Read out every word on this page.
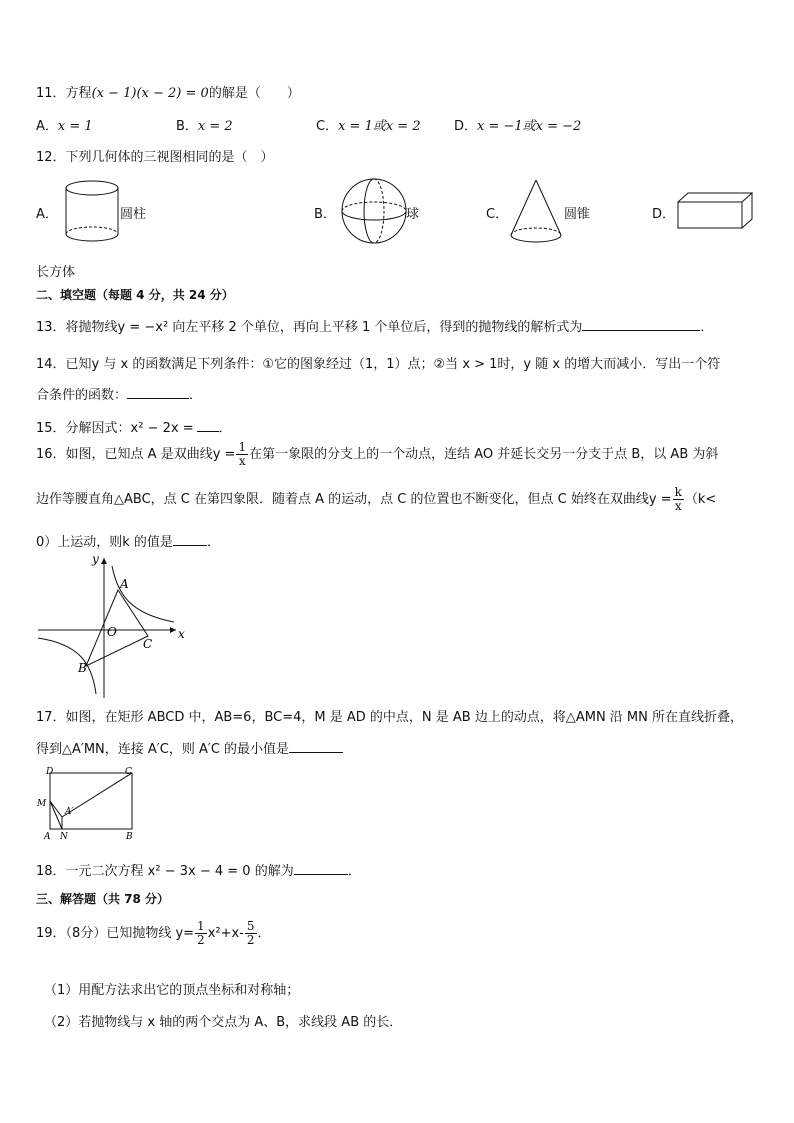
11．方程(x − 1)(x − 2) = 0的解是（　　）
A．x = 1	B．x = 2	C．x = 1或x = 2	D．x = −1或x = −2
12．下列几何体的三视图相同的是（　）
A．	圆柱	B．	球	C．	圆锥	D．
长方体
二、填空题（每题 4 分，共 24 分）
13．将抛物线y = −x² 向左平移 2 个单位，再向上平移 1 个单位后，得到的抛物线的解析式为	．
14．已知y 与 x 的函数满足下列条件：①它的图象经过（1，1）点；②当 x > 1时，y 随 x 的增大而减小．写出一个符
合条件的函数：	．
15．分解因式：x² − 2x = ．
16．如图，已知点 A 是双曲线$y = \frac{1}{x}$ 在第一象限的分支上的一个动点，连结 AO 并延长交另一分支于点 B，以 AB 为斜
边作等腰直角△ABC，点 C 在第四象限．随着点 A 的运动，点 C 的位置也不断变化，但点 C 始终在双曲线$y = \frac{k}{x} (k<$
0）上运动，则k 的值是	．
y
x
O
A
B
C
17．如图，在矩形 ABCD 中，AB=6，BC=4，M 是 AD 的中点，N 是 AB 边上的动点，将△AMN 沿 MN 所在直线折叠，
得到△A′MN，连接 A′C，则 A′C 的最小值是
D	C
M
A′
A N	B
18．一元二次方程 x² − 3x − 4 = 0 的解为	．
三、解答题（共 78 分）
19．（8分）已知抛物线 $y= \frac{1}{2} x^2+x- \frac{5}{2}$ ．
（1）用配方法求出它的顶点坐标和对称轴；
（2）若抛物线与 x 轴的两个交点为 A、B，求线段 AB 的长．
